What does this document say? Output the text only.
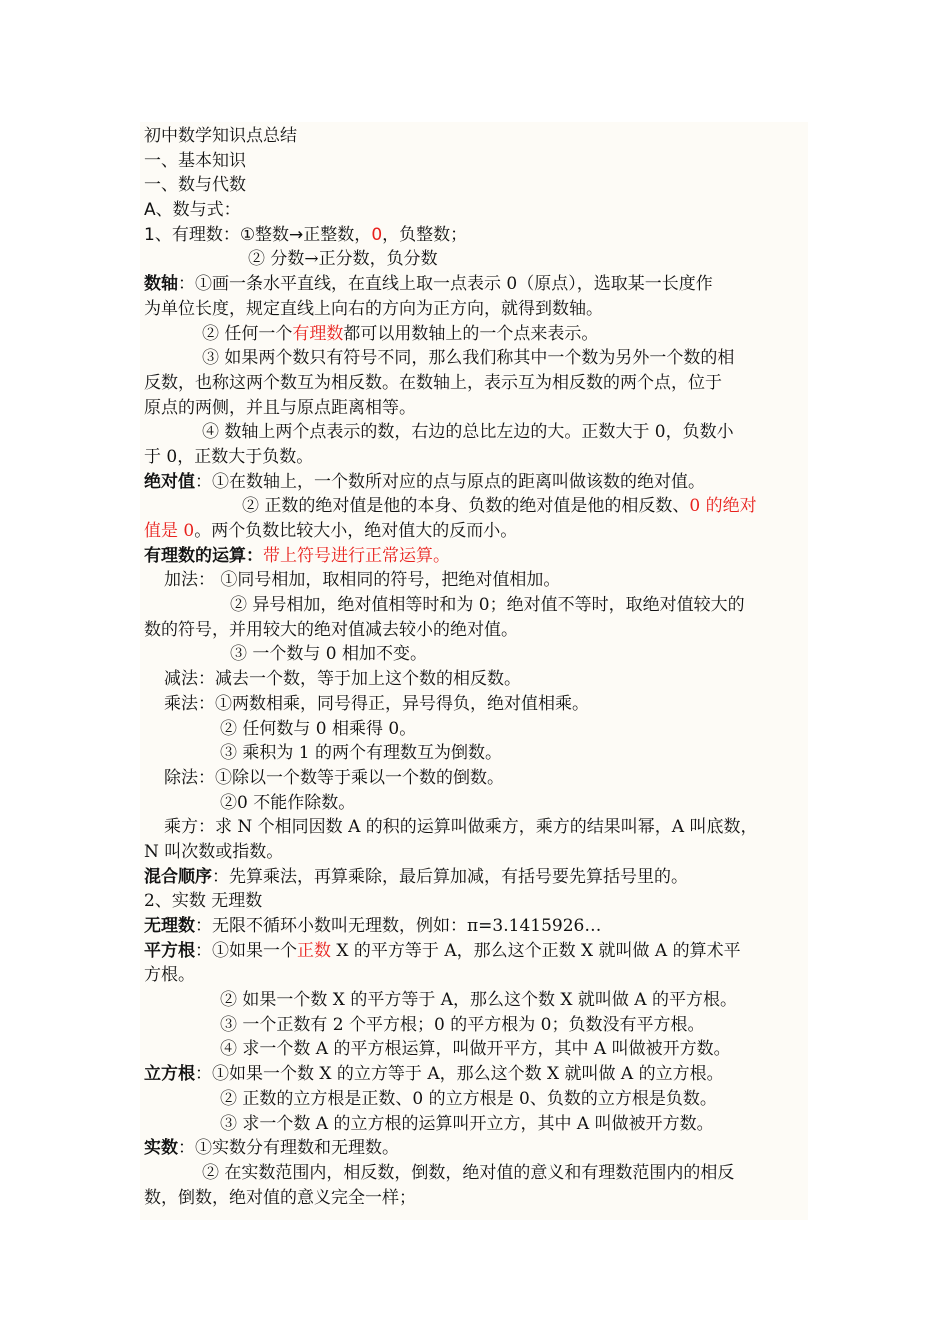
初中数学知识点总结
一、基本知识
一、数与代数
A、数与式：
1、有理数：①整数→正整数，0，负整数；
② 分数→正分数，负分数
数轴：①画一条水平直线，在直线上取一点表示 0（原点），选取某一长度作
为单位长度，规定直线上向右的方向为正方向，就得到数轴。
② 任何一个有理数都可以用数轴上的一个点来表示。
③ 如果两个数只有符号不同，那么我们称其中一个数为另外一个数的相
反数，也称这两个数互为相反数。在数轴上，表示互为相反数的两个点，位于
原点的两侧，并且与原点距离相等。
④ 数轴上两个点表示的数，右边的总比左边的大。正数大于 0，负数小
于 0，正数大于负数。
绝对值：①在数轴上，一个数所对应的点与原点的距离叫做该数的绝对值。
② 正数的绝对值是他的本身、负数的绝对值是他的相反数、0 的绝对
值是 0。两个负数比较大小，绝对值大的反而小。
有理数的运算：带上符号进行正常运算。
加法： ①同号相加，取相同的符号，把绝对值相加。
② 异号相加，绝对值相等时和为 0；绝对值不等时，取绝对值较大的
数的符号，并用较大的绝对值减去较小的绝对值。
③ 一个数与 0 相加不变。
减法：减去一个数，等于加上这个数的相反数。
乘法：①两数相乘，同号得正，异号得负，绝对值相乘。
② 任何数与 0 相乘得 0。
③ 乘积为 1 的两个有理数互为倒数。
除法：①除以一个数等于乘以一个数的倒数。
②0 不能作除数。
乘方：求 N 个相同因数 A 的积的运算叫做乘方，乘方的结果叫幂，A 叫底数，
N 叫次数或指数。
混合顺序：先算乘法，再算乘除，最后算加减，有括号要先算括号里的。
2、实数 无理数
无理数：无限不循环小数叫无理数，例如：π=3.1415926…
平方根：①如果一个正数 X 的平方等于 A，那么这个正数 X 就叫做 A 的算术平
方根。
② 如果一个数 X 的平方等于 A，那么这个数 X 就叫做 A 的平方根。
③ 一个正数有 2 个平方根；0 的平方根为 0；负数没有平方根。
④ 求一个数 A 的平方根运算，叫做开平方，其中 A 叫做被开方数。
立方根：①如果一个数 X 的立方等于 A，那么这个数 X 就叫做 A 的立方根。
② 正数的立方根是正数、0 的立方根是 0、负数的立方根是负数。
③ 求一个数 A 的立方根的运算叫开立方，其中 A 叫做被开方数。
实数：①实数分有理数和无理数。
② 在实数范围内，相反数，倒数，绝对值的意义和有理数范围内的相反
数，倒数，绝对值的意义完全一样；
